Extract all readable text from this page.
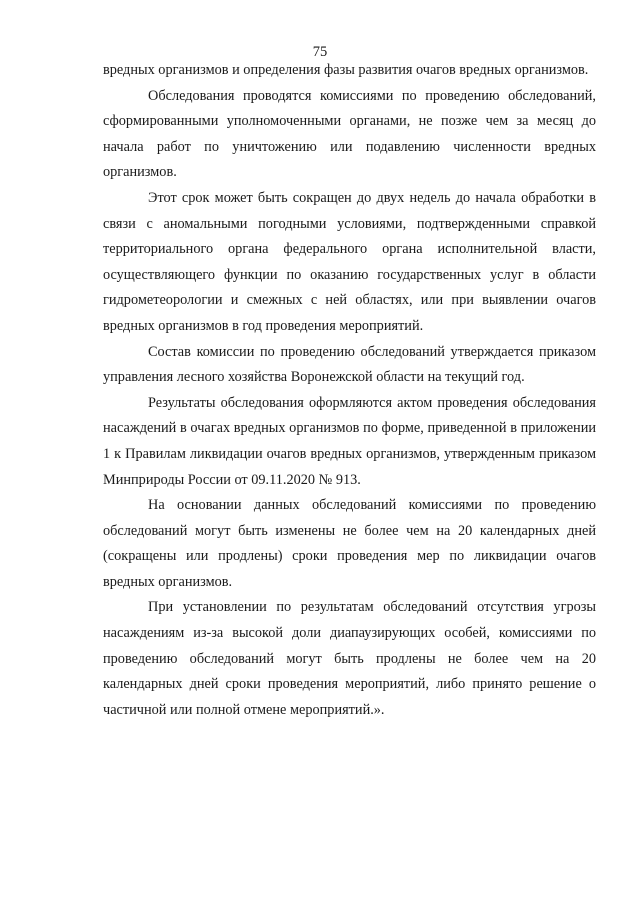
75

вредных организмов и определения фазы развития очагов вредных организмов.

Обследования проводятся комиссиями по проведению обследований, сформированными уполномоченными органами, не позже чем за месяц до начала работ по уничтожению или подавлению численности вредных организмов.

Этот срок может быть сокращен до двух недель до начала обработки в связи с аномальными погодными условиями, подтвержденными справкой территориального органа федерального органа исполнительной власти, осуществляющего функции по оказанию государственных услуг в области гидрометеорологии и смежных с ней областях, или при выявлении очагов вредных организмов в год проведения мероприятий.

Состав комиссии по проведению обследований утверждается приказом управления лесного хозяйства Воронежской области на текущий год.

Результаты обследования оформляются актом проведения обследования насаждений в очагах вредных организмов по форме, приведенной в приложении 1 к Правилам ликвидации очагов вредных организмов, утвержденным приказом Минприроды России от 09.11.2020 № 913.

На основании данных обследований комиссиями по проведению обследований могут быть изменены не более чем на 20 календарных дней (сокращены или продлены) сроки проведения мер по ликвидации очагов вредных организмов.

При установлении по результатам обследований отсутствия угрозы насаждениям из-за высокой доли диапаузирующих особей, комиссиями по проведению обследований могут быть продлены не более чем на 20 календарных дней сроки проведения мероприятий, либо принято решение о частичной или полной отмене мероприятий.».
